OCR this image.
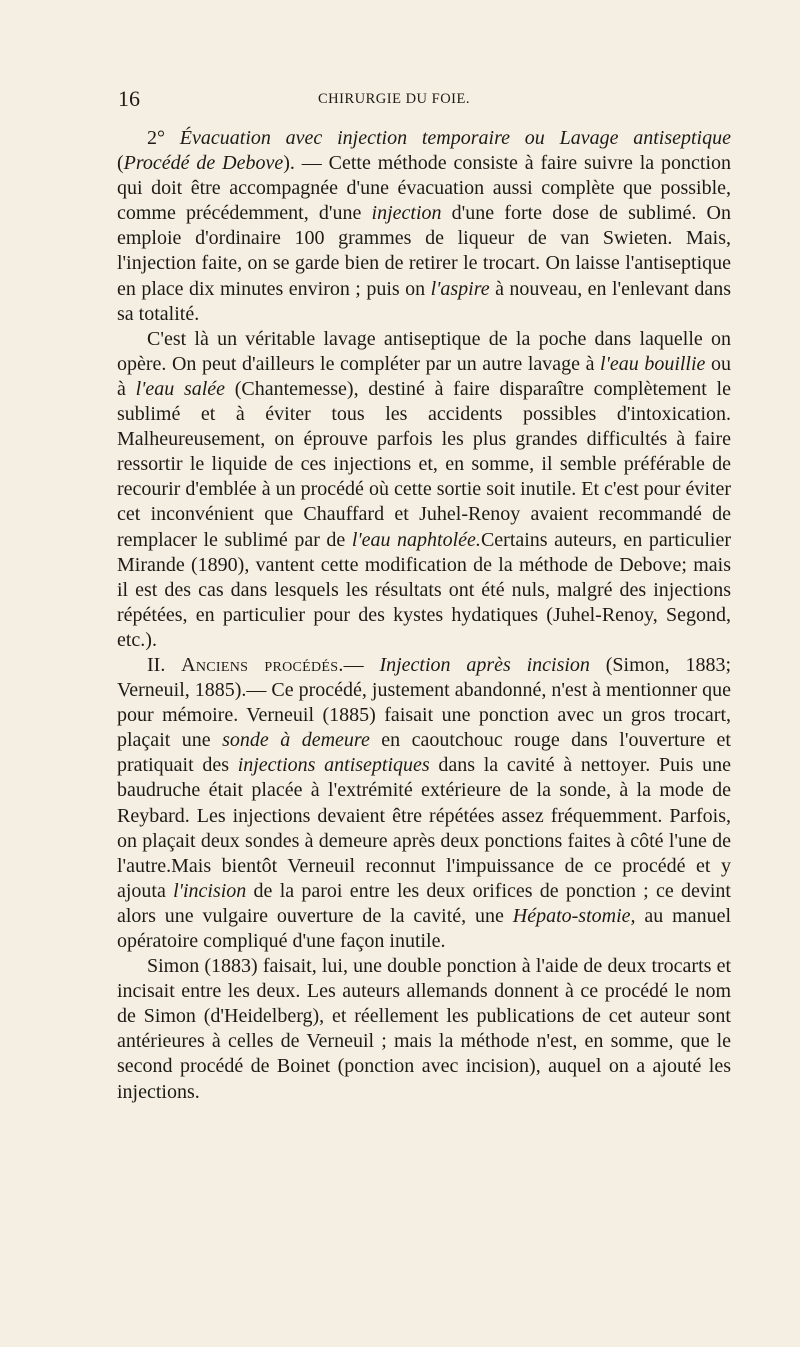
16	CHIRURGIE DU FOIE.

2° Évacuation avec injection temporaire ou Lavage antiseptique (Procédé de Debove). — Cette méthode consiste à faire suivre la ponction qui doit être accompagnée d'une évacuation aussi complète que possible, comme précédemment, d'une injection d'une forte dose de sublimé. On emploie d'ordinaire 100 grammes de liqueur de van Swieten. Mais, l'injection faite, on se garde bien de retirer le trocart. On laisse l'antiseptique en place dix minutes environ ; puis on l'aspire à nouveau, en l'enlevant dans sa totalité.

C'est là un véritable lavage antiseptique de la poche dans laquelle on opère. On peut d'ailleurs le compléter par un autre lavage à l'eau bouillie ou à l'eau salée (Chantemesse), destiné à faire disparaître complètement le sublimé et à éviter tous les accidents possibles d'intoxication. Malheureusement, on éprouve parfois les plus grandes difficultés à faire ressortir le liquide de ces injections et, en somme, il semble préférable de recourir d'emblée à un procédé où cette sortie soit inutile. Et c'est pour éviter cet inconvénient que Chauffard et Juhel-Renoy avaient recommandé de remplacer le sublimé par de l'eau naphtolée.Certains auteurs, en particulier Mirande (1890), vantent cette modification de la méthode de Debove; mais il est des cas dans lesquels les résultats ont été nuls, malgré des injections répétées, en particulier pour des kystes hydatiques (Juhel-Renoy, Segond, etc.).

II. Anciens procédés.— Injection après incision (Simon, 1883; Verneuil, 1885).— Ce procédé, justement abandonné, n'est à mentionner que pour mémoire. Verneuil (1885) faisait une ponction avec un gros trocart, plaçait une sonde à demeure en caoutchouc rouge dans l'ouverture et pratiquait des injections antiseptiques dans la cavité à nettoyer. Puis une baudruche était placée à l'extrémité extérieure de la sonde, à la mode de Reybard. Les injections devaient être répétées assez fréquemment. Parfois, on plaçait deux sondes à demeure après deux ponctions faites à côté l'une de l'autre.Mais bientôt Verneuil reconnut l'impuissance de ce procédé et y ajouta l'incision de la paroi entre les deux orifices de ponction ; ce devint alors une vulgaire ouverture de la cavité, une Hépato-stomie, au manuel opératoire compliqué d'une façon inutile.

Simon (1883) faisait, lui, une double ponction à l'aide de deux trocarts et incisait entre les deux. Les auteurs allemands donnent à ce procédé le nom de Simon (d'Heidelberg), et réellement les publications de cet auteur sont antérieures à celles de Verneuil ; mais la méthode n'est, en somme, que le second procédé de Boinet (ponction avec incision), auquel on a ajouté les injections.
